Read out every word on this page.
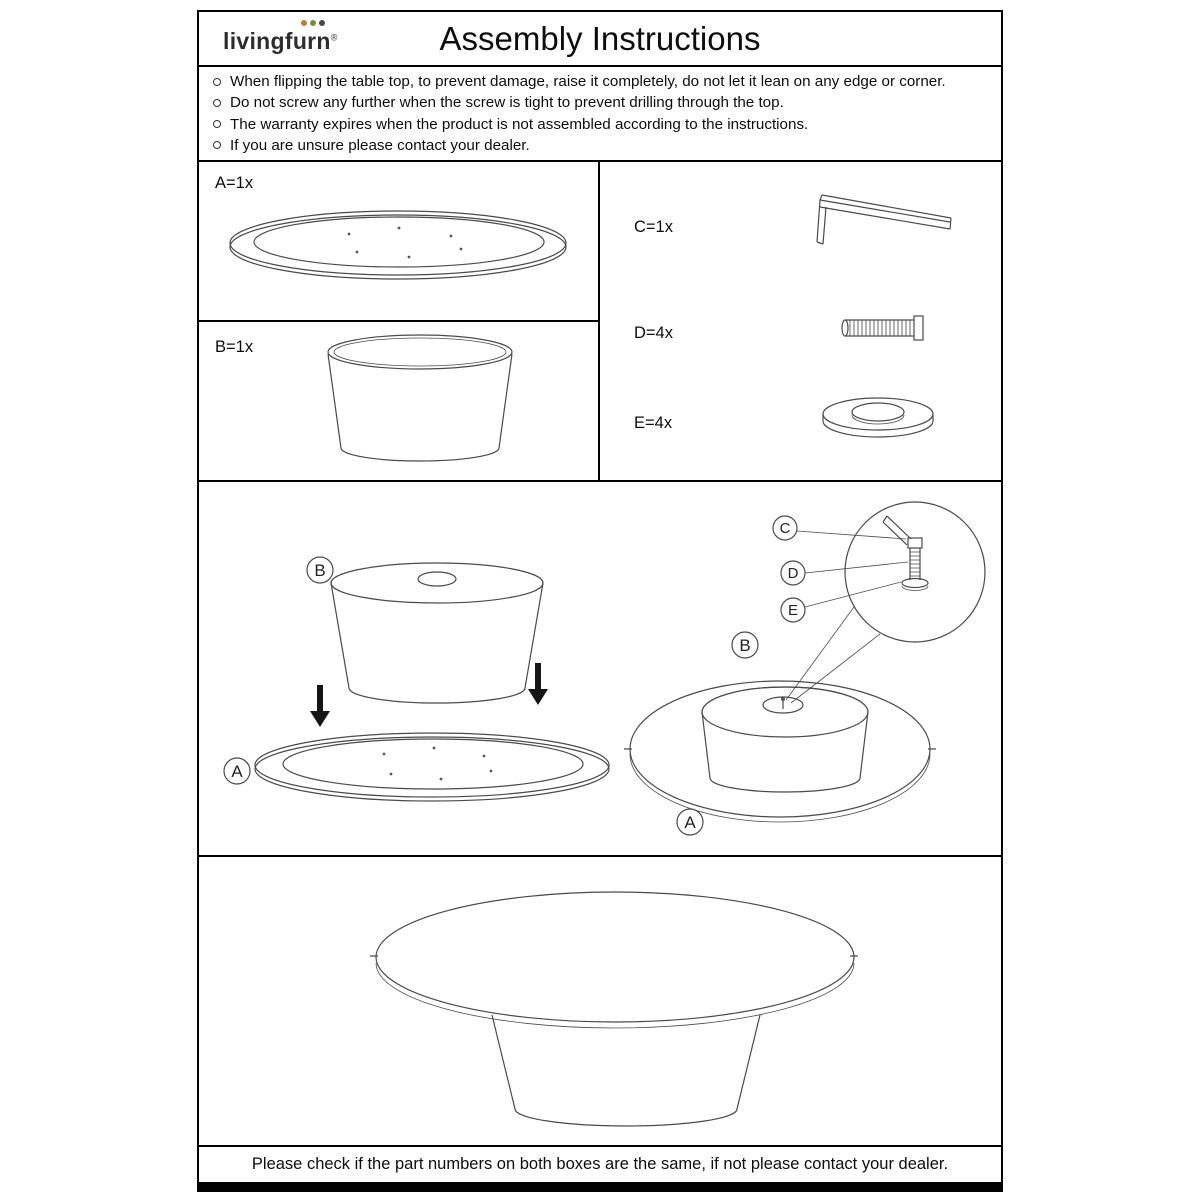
livingfurn®	Assembly Instructions
When flipping the table top, to prevent damage, raise it completely, do not let it lean on any edge or corner.
Do not screw any further when the screw is tight to prevent drilling through the top.
The warranty expires when the product is not assembled according to the instructions.
If you are unsure please contact your dealer.
A=1x
B=1x
C=1x
D=4x
E=4x
B
A
C
D
E
B
A
Please check if the part numbers on both boxes are the same, if not please contact your dealer.
